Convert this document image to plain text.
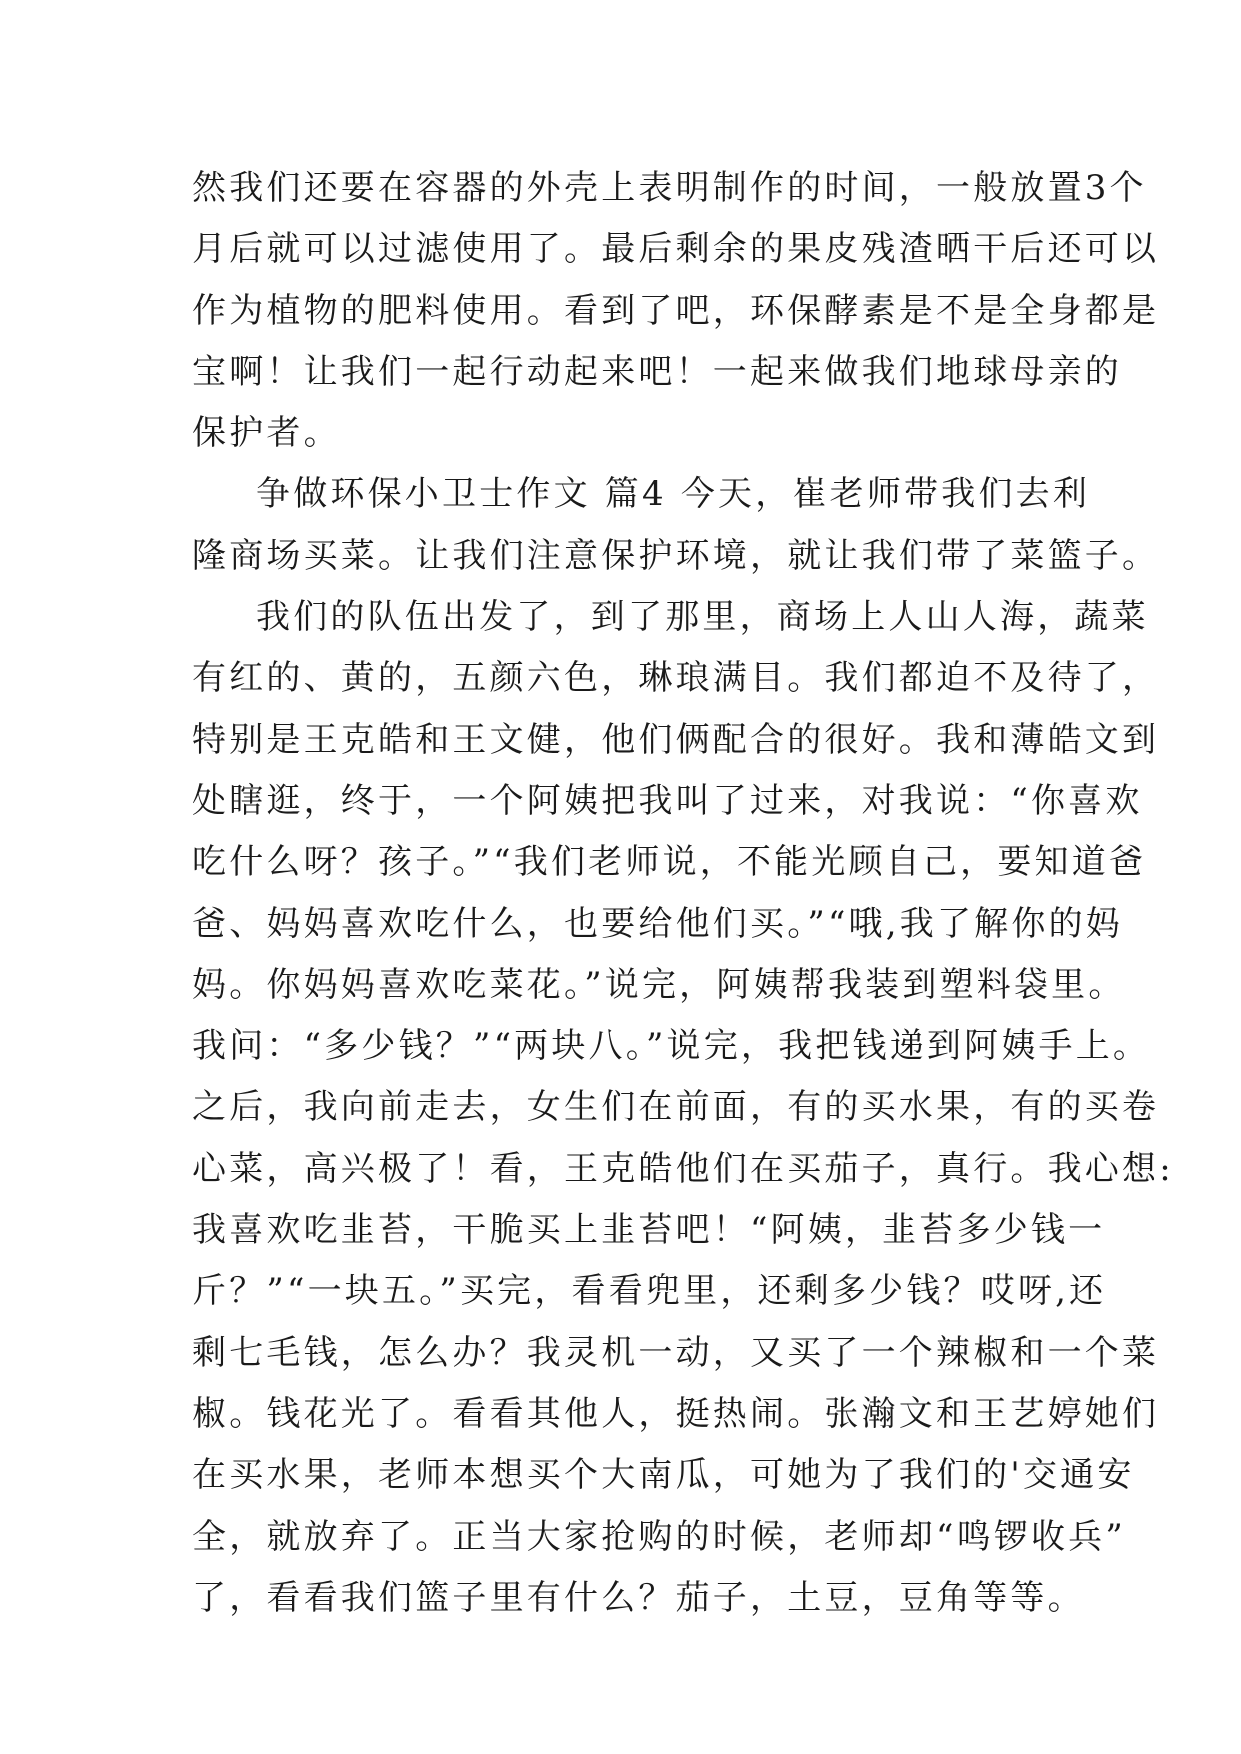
然我们还要在容器的外壳上表明制作的时间，一般放置3个
月后就可以过滤使用了。最后剩余的果皮残渣晒干后还可以
作为植物的肥料使用。看到了吧，环保酵素是不是全身都是
宝啊！让我们一起行动起来吧！一起来做我们地球母亲的
保护者。
争做环保小卫士作文 篇4 今天，崔老师带我们去利
隆商场买菜。让我们注意保护环境，就让我们带了菜篮子。
我们的队伍出发了，到了那里，商场上人山人海，蔬菜
有红的、黄的，五颜六色，琳琅满目。我们都迫不及待了，
特别是王克皓和王文健，他们俩配合的很好。我和薄皓文到
处瞎逛，终于，一个阿姨把我叫了过来，对我说：“你喜欢
吃什么呀？孩子。”“我们老师说，不能光顾自己，要知道爸
爸、妈妈喜欢吃什么，也要给他们买。”“哦,我了解你的妈
妈。你妈妈喜欢吃菜花。”说完，阿姨帮我装到塑料袋里。
我问：“多少钱？”“两块八。”说完，我把钱递到阿姨手上。
之后，我向前走去，女生们在前面，有的买水果，有的买卷
心菜，高兴极了！看，王克皓他们在买茄子，真行。我心想:
我喜欢吃韭苔，干脆买上韭苔吧！“阿姨，韭苔多少钱一
斤？”“一块五。”买完，看看兜里，还剩多少钱？哎呀,还
剩七毛钱，怎么办？我灵机一动，又买了一个辣椒和一个菜
椒。钱花光了。看看其他人，挺热闹。张瀚文和王艺婷她们
在买水果，老师本想买个大南瓜，可她为了我们的'交通安
全，就放弃了。正当大家抢购的时候，老师却“鸣锣收兵”
了，看看我们篮子里有什么？茄子，土豆，豆角等等。
